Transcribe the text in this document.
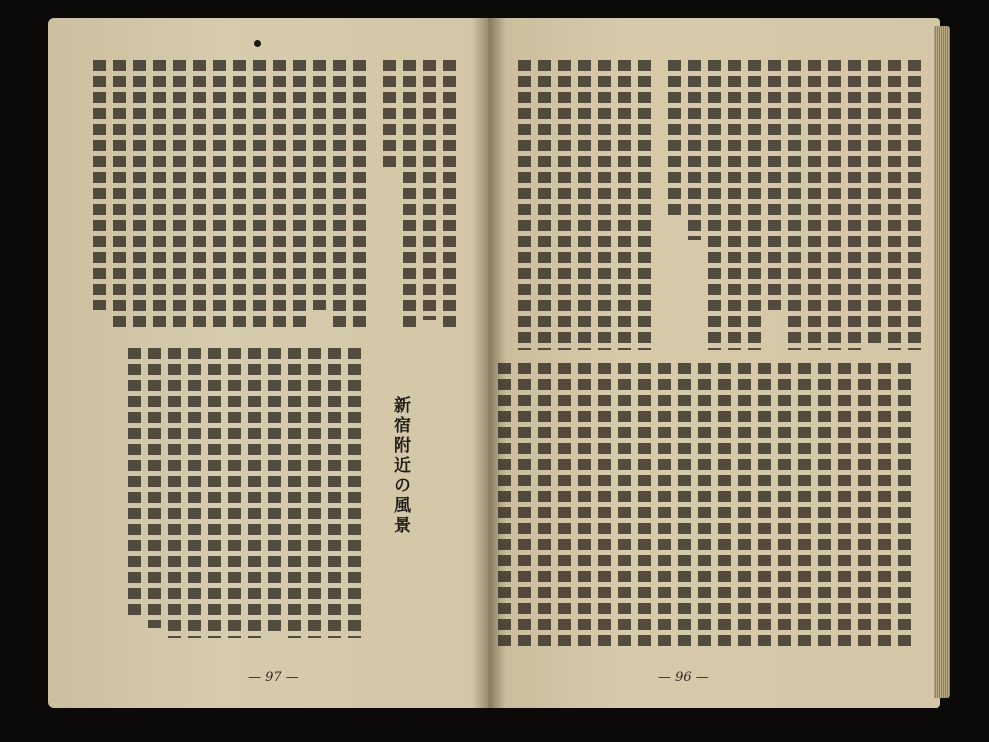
新宿附近の風景
— 97 —	— 96 —
